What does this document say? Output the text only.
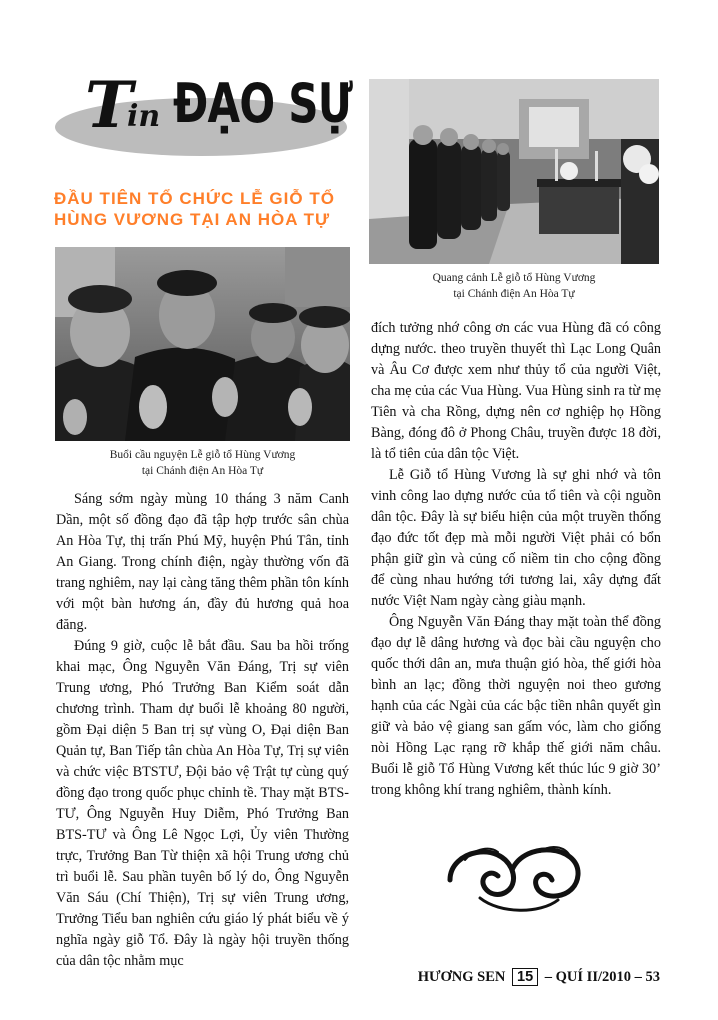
T
in ĐẠO SỰ
ĐẦU TIÊN TỔ CHỨC LỄ GIỖ TỔ
HÙNG VƯƠNG TẠI AN HÒA TỰ
Buổi cầu nguyện Lễ giỗ tổ Hùng Vương
tại Chánh điện An Hòa Tự
Quang cảnh Lễ giỗ tổ Hùng Vương
tại Chánh điện An Hòa Tự

Sáng sớm ngày mùng 10 tháng 3 năm Canh Dần, một số đồng đạo đã tập hợp trước sân chùa An Hòa Tự, thị trấn Phú Mỹ, huyện Phú Tân, tỉnh An Giang. Trong chính điện, ngày thường vốn đã trang nghiêm, nay lại càng tăng thêm phần tôn kính với một bàn hương án, đầy đủ hương quả hoa đăng.

Đúng 9 giờ, cuộc lễ bắt đầu. Sau ba hồi trống khai mạc, Ông Nguyễn Văn Đáng, Trị sự viên Trung ương, Phó Trưởng Ban Kiểm soát dẫn chương trình. Tham dự buổi lễ khoảng 80 người, gồm Đại diện 5 Ban trị sự vùng O, Đại diện Ban Quản tự, Ban Tiếp tân chùa An Hòa Tự, Trị sự viên và chức việc BTSTƯ, Đội bảo vệ Trật tự cùng quý đồng đạo trong quốc phục chỉnh tề. Thay mặt BTS-TƯ, Ông Nguyễn Huy Diễm, Phó Trưởng Ban BTS-TƯ và Ông Lê Ngọc Lợi, Ủy viên Thường trực, Trưởng Ban Từ thiện xã hội Trung ương chủ trì buổi lễ. Sau phần tuyên bố lý do, Ông Nguyễn Văn Sáu (Chí Thiện), Trị sự viên Trung ương, Trưởng Tiểu ban nghiên cứu giáo lý phát biểu về ý nghĩa ngày giỗ Tổ. Đây là ngày hội truyền thống của dân tộc nhằm mục

đích tưởng nhớ công ơn các vua Hùng đã có công dựng nước. theo truyền thuyết thì Lạc Long Quân và Âu Cơ được xem như thủy tổ của người Việt, cha mẹ của các Vua Hùng. Vua Hùng sinh ra từ mẹ Tiên và cha Rồng, dựng nên cơ nghiệp họ Hồng Bàng, đóng đô ở Phong Châu, truyền được 18 đời, là tổ tiên của dân tộc Việt.

Lễ Giỗ tổ Hùng Vương là sự ghi nhớ và tôn vinh công lao dựng nước của tổ tiên và cội nguồn dân tộc. Đây là sự biểu hiện của một truyền thống đạo đức tốt đẹp mà mỗi người Việt phải có bổn phận giữ gìn và củng cố niềm tin cho cộng đồng để cùng nhau hướng tới tương lai, xây dựng đất nước Việt Nam ngày càng giàu mạnh.

Ông Nguyễn Văn Đáng thay mặt toàn thể đồng đạo dự lễ dâng hương và đọc bài cầu nguyện cho quốc thới dân an, mưa thuận gió hòa, thế giới hòa bình an lạc; đồng thời nguyện noi theo gương hạnh của các Ngài của các bậc tiền nhân quyết gìn giữ và bảo vệ giang san gấm vóc, làm cho giống nòi Hồng Lạc rạng rỡ khắp thế giới năm châu. Buổi lễ giỗ Tổ Hùng Vương kết thúc lúc 9 giờ 30’ trong không khí trang nghiêm, thành kính.

HƯƠNG SEN 15 – QUÍ II/2010 – 53
